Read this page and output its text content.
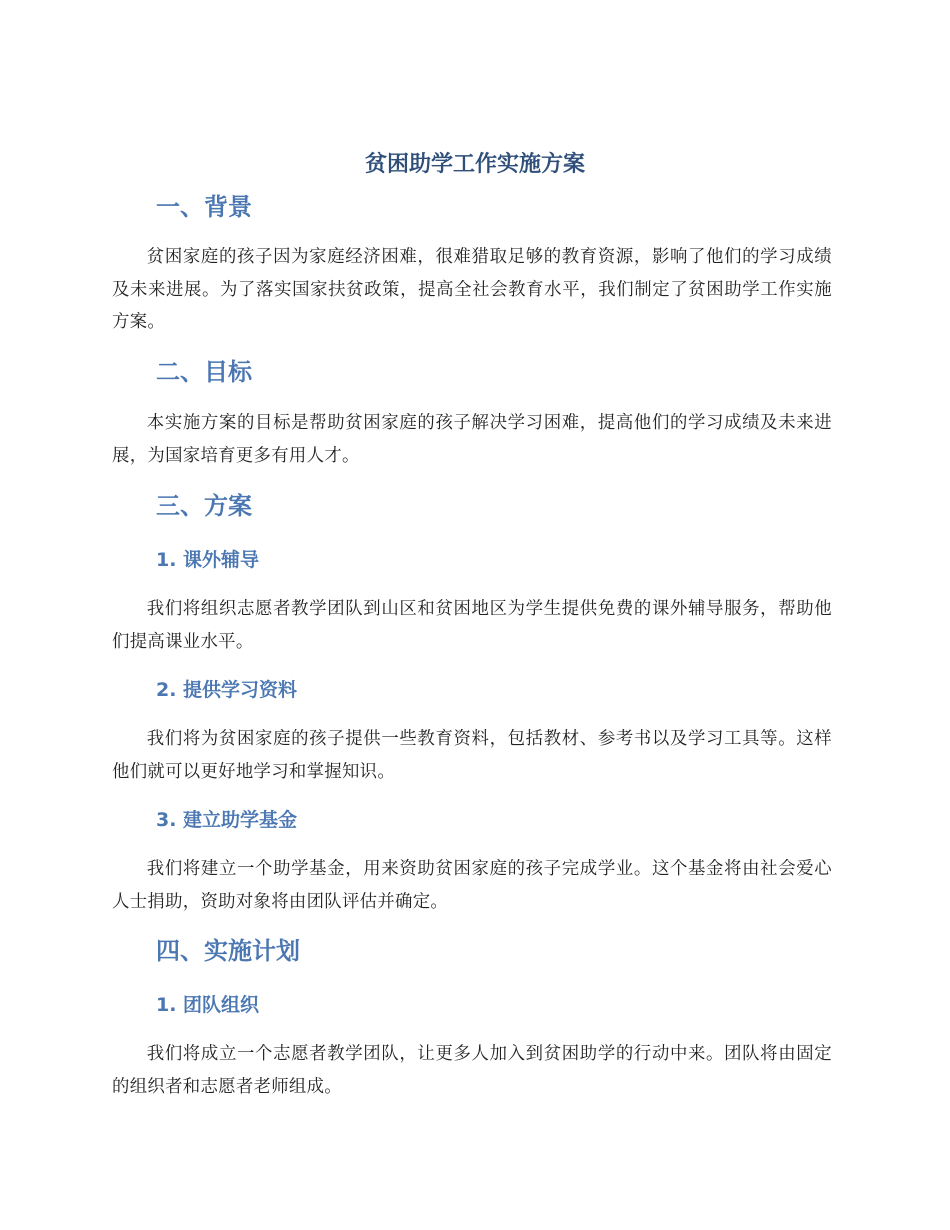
贫困助学工作实施方案
一、背景
贫困家庭的孩子因为家庭经济困难，很难猎取足够的教育资源，影响了他们的学习成绩及未来进展。为了落实国家扶贫政策，提高全社会教育水平，我们制定了贫困助学工作实施方案。
二、目标
本实施方案的目标是帮助贫困家庭的孩子解决学习困难，提高他们的学习成绩及未来进展，为国家培育更多有用人才。
三、方案
1. 课外辅导
我们将组织志愿者教学团队到山区和贫困地区为学生提供免费的课外辅导服务，帮助他们提高课业水平。
2. 提供学习资料
我们将为贫困家庭的孩子提供一些教育资料，包括教材、参考书以及学习工具等。这样他们就可以更好地学习和掌握知识。
3. 建立助学基金
我们将建立一个助学基金，用来资助贫困家庭的孩子完成学业。这个基金将由社会爱心人士捐助，资助对象将由团队评估并确定。
四、实施计划
1. 团队组织
我们将成立一个志愿者教学团队，让更多人加入到贫困助学的行动中来。团队将由固定的组织者和志愿者老师组成。
